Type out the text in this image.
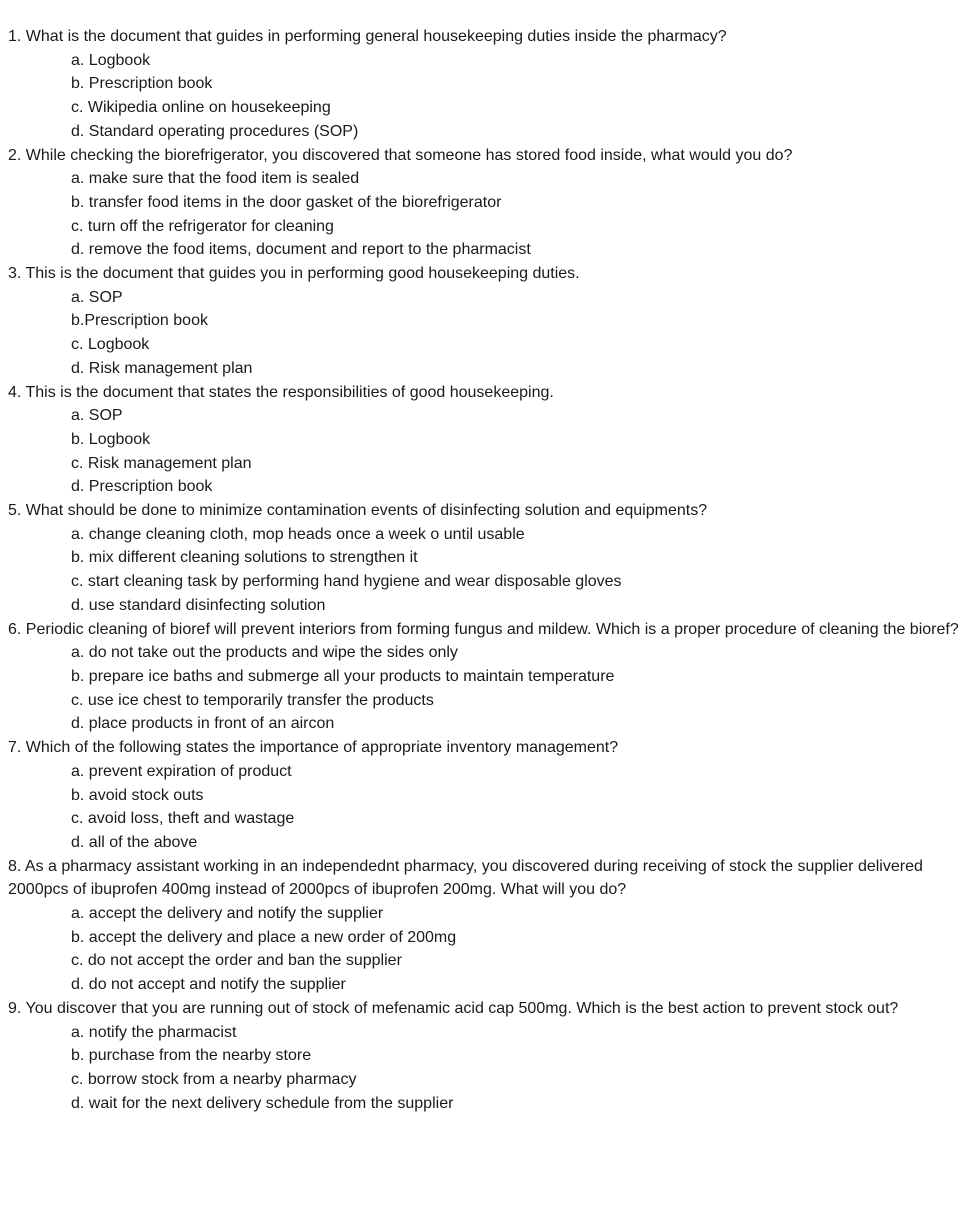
1. What is the document that guides in performing general housekeeping duties inside the pharmacy?

a. Logbook
b. Prescription book
c. Wikipedia online on housekeeping
d. Standard operating procedures (SOP)

2. While checking the biorefrigerator, you discovered that someone has stored food inside, what would you do?

a. make sure that the food item is sealed
b. transfer food items in the door gasket of the biorefrigerator
c. turn off the refrigerator for cleaning
d. remove the food items, document and report to the pharmacist

3. This is the document that guides you in performing good housekeeping duties.

a. SOP
b.Prescription book
c. Logbook
d. Risk management plan

4. This is the document that states the responsibilities of good housekeeping.

a. SOP
b. Logbook
c. Risk management plan
d. Prescription book

5. What should be done to minimize contamination events of disinfecting solution and equipments?

a. change cleaning cloth, mop heads once a week o until usable
b. mix different cleaning solutions to strengthen it
c. start cleaning task by performing hand hygiene and wear disposable gloves
d. use standard disinfecting solution

6. Periodic cleaning of bioref will prevent interiors from forming fungus and mildew. Which is a proper procedure of cleaning the bioref?

a. do not take out the products and wipe the sides only
b. prepare ice baths and submerge all your products to maintain temperature
c. use ice chest to temporarily transfer the products
d. place products in front of an aircon

7. Which of the following states the importance of appropriate inventory management?

a. prevent expiration of product
b. avoid stock outs
c. avoid loss, theft and wastage
d. all of the above

8. As a pharmacy assistant working in an independednt pharmacy, you discovered during receiving of stock the supplier delivered 2000pcs of ibuprofen 400mg instead of 2000pcs of ibuprofen 200mg. What will you do?

a. accept the delivery and notify the supplier
b. accept the delivery and place a new order of 200mg
c. do not accept the order and ban the supplier
d. do not accept and notify the supplier

9. You discover that you are running out of stock of mefenamic acid cap 500mg. Which is the best action to prevent stock out?

a. notify the pharmacist
b. purchase from the nearby store
c. borrow stock from a nearby pharmacy
d. wait for the next delivery schedule from the supplier
